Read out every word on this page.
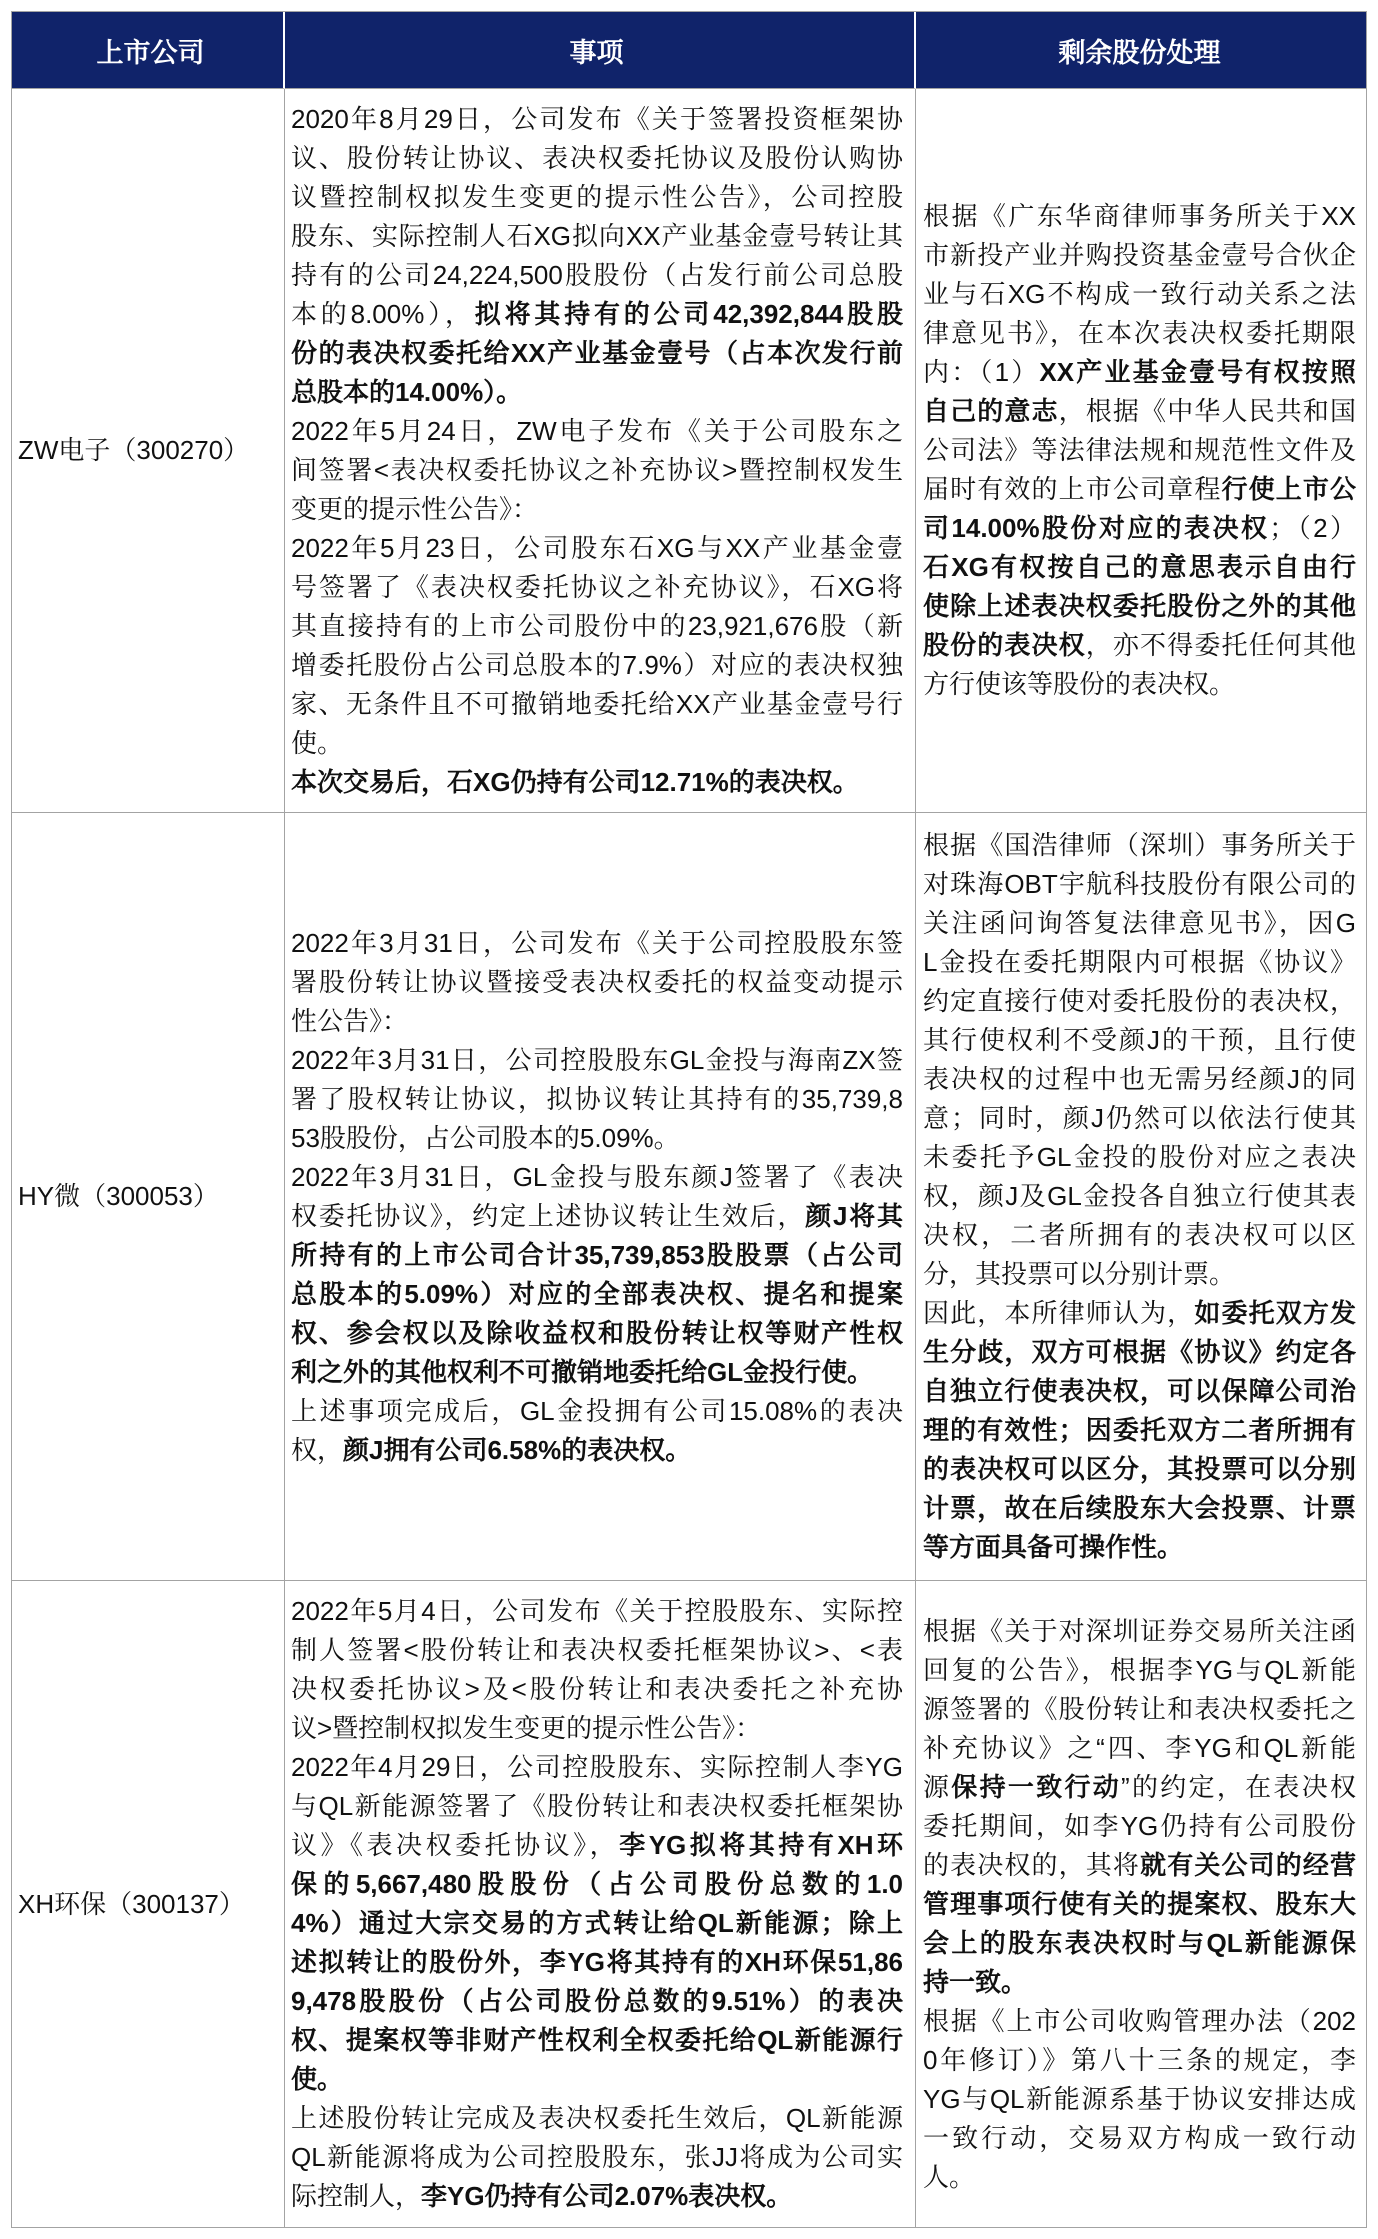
上市公司	事项	剩余股份处理
ZW电子（300270）
2020年8月29日，公司发布《关于签署投资框架协
议、股份转让协议、表决权委托协议及股份认购协
议暨控制权拟发生变更的提示性公告》，公司控股
股东、实际控制人石XG拟向XX产业基金壹号转让其
持有的公司24,224,500股股份（占发行前公司总股
本的8.00%），拟将其持有的公司42,392,844股股
份的表决权委托给XX产业基金壹号（占本次发行前
总股本的14.00%）。
2022年5月24日，ZW电子发布《关于公司股东之
间签署<表决权委托协议之补充协议>暨控制权发生
变更的提示性公告》：
2022年5月23日，公司股东石XG与XX产业基金壹
号签署了《表决权委托协议之补充协议》，石XG将
其直接持有的上市公司股份中的23,921,676股（新
增委托股份占公司总股本的7.9%）对应的表决权独
家、无条件且不可撤销地委托给XX产业基金壹号行
使。
本次交易后，石XG仍持有公司12.71%的表决权。
根据《广东华商律师事务所关于XX
市新投产业并购投资基金壹号合伙企
业与石XG不构成一致行动关系之法
律意见书》，在本次表决权委托期限
内：（1）XX产业基金壹号有权按照
自己的意志，根据《中华人民共和国
公司法》等法律法规和规范性文件及
届时有效的上市公司章程行使上市公
司14.00%股份对应的表决权；（2）
石XG有权按自己的意思表示自由行
使除上述表决权委托股份之外的其他
股份的表决权，亦不得委托任何其他
方行使该等股份的表决权。
HY微（300053）
2022年3月31日，公司发布《关于公司控股股东签
署股份转让协议暨接受表决权委托的权益变动提示
性公告》：
2022年3月31日，公司控股股东GL金投与海南ZX签
署了股权转让协议，拟协议转让其持有的35,739,8
53股股份，占公司股本的5.09%。
2022年3月31日，GL金投与股东颜J签署了《表决
权委托协议》，约定上述协议转让生效后，颜J将其
所持有的上市公司合计35,739,853股股票（占公司
总股本的5.09%）对应的全部表决权、提名和提案
权、参会权以及除收益权和股份转让权等财产性权
利之外的其他权利不可撤销地委托给GL金投行使。
上述事项完成后，GL金投拥有公司15.08%的表决
权，颜J拥有公司6.58%的表决权。
根据《国浩律师（深圳）事务所关于
对珠海OBT宇航科技股份有限公司的
关注函问询答复法律意见书》，因G
L金投在委托期限内可根据《协议》
约定直接行使对委托股份的表决权，
其行使权利不受颜J的干预，且行使
表决权的过程中也无需另经颜J的同
意；同时，颜J仍然可以依法行使其
未委托予GL金投的股份对应之表决
权，颜J及GL金投各自独立行使其表
决权，二者所拥有的表决权可以区
分，其投票可以分别计票。
因此，本所律师认为，如委托双方发
生分歧，双方可根据《协议》约定各
自独立行使表决权，可以保障公司治
理的有效性；因委托双方二者所拥有
的表决权可以区分，其投票可以分别
计票，故在后续股东大会投票、计票
等方面具备可操作性。
XH环保（300137）
2022年5月4日，公司发布《关于控股股东、实际控
制人签署<股份转让和表决权委托框架协议>、<表
决权委托协议>及<股份转让和表决委托之补充协
议>暨控制权拟发生变更的提示性公告》：
2022年4月29日，公司控股股东、实际控制人李YG
与QL新能源签署了《股份转让和表决权委托框架协
议》《表决权委托协议》，李YG拟将其持有XH环
保的5,667,480股股份（占公司股份总数的1.0
4%）通过大宗交易的方式转让给QL新能源；除上
述拟转让的股份外，李YG将其持有的XH环保51,86
9,478股股份（占公司股份总数的9.51%）的表决
权、提案权等非财产性权利全权委托给QL新能源行
使。
上述股份转让完成及表决权委托生效后，QL新能源
QL新能源将成为公司控股股东，张JJ将成为公司实
际控制人，李YG仍持有公司2.07%表决权。
根据《关于对深圳证券交易所关注函
回复的公告》，根据李YG与QL新能
源签署的《股份转让和表决权委托之
补充协议》之“四、李YG和QL新能
源保持一致行动”的约定，在表决权
委托期间，如李YG仍持有公司股份
的表决权的，其将就有关公司的经营
管理事项行使有关的提案权、股东大
会上的股东表决权时与QL新能源保
持一致。
根据《上市公司收购管理办法（202
0年修订）》第八十三条的规定，李
YG与QL新能源系基于协议安排达成
一致行动，交易双方构成一致行动
人。
